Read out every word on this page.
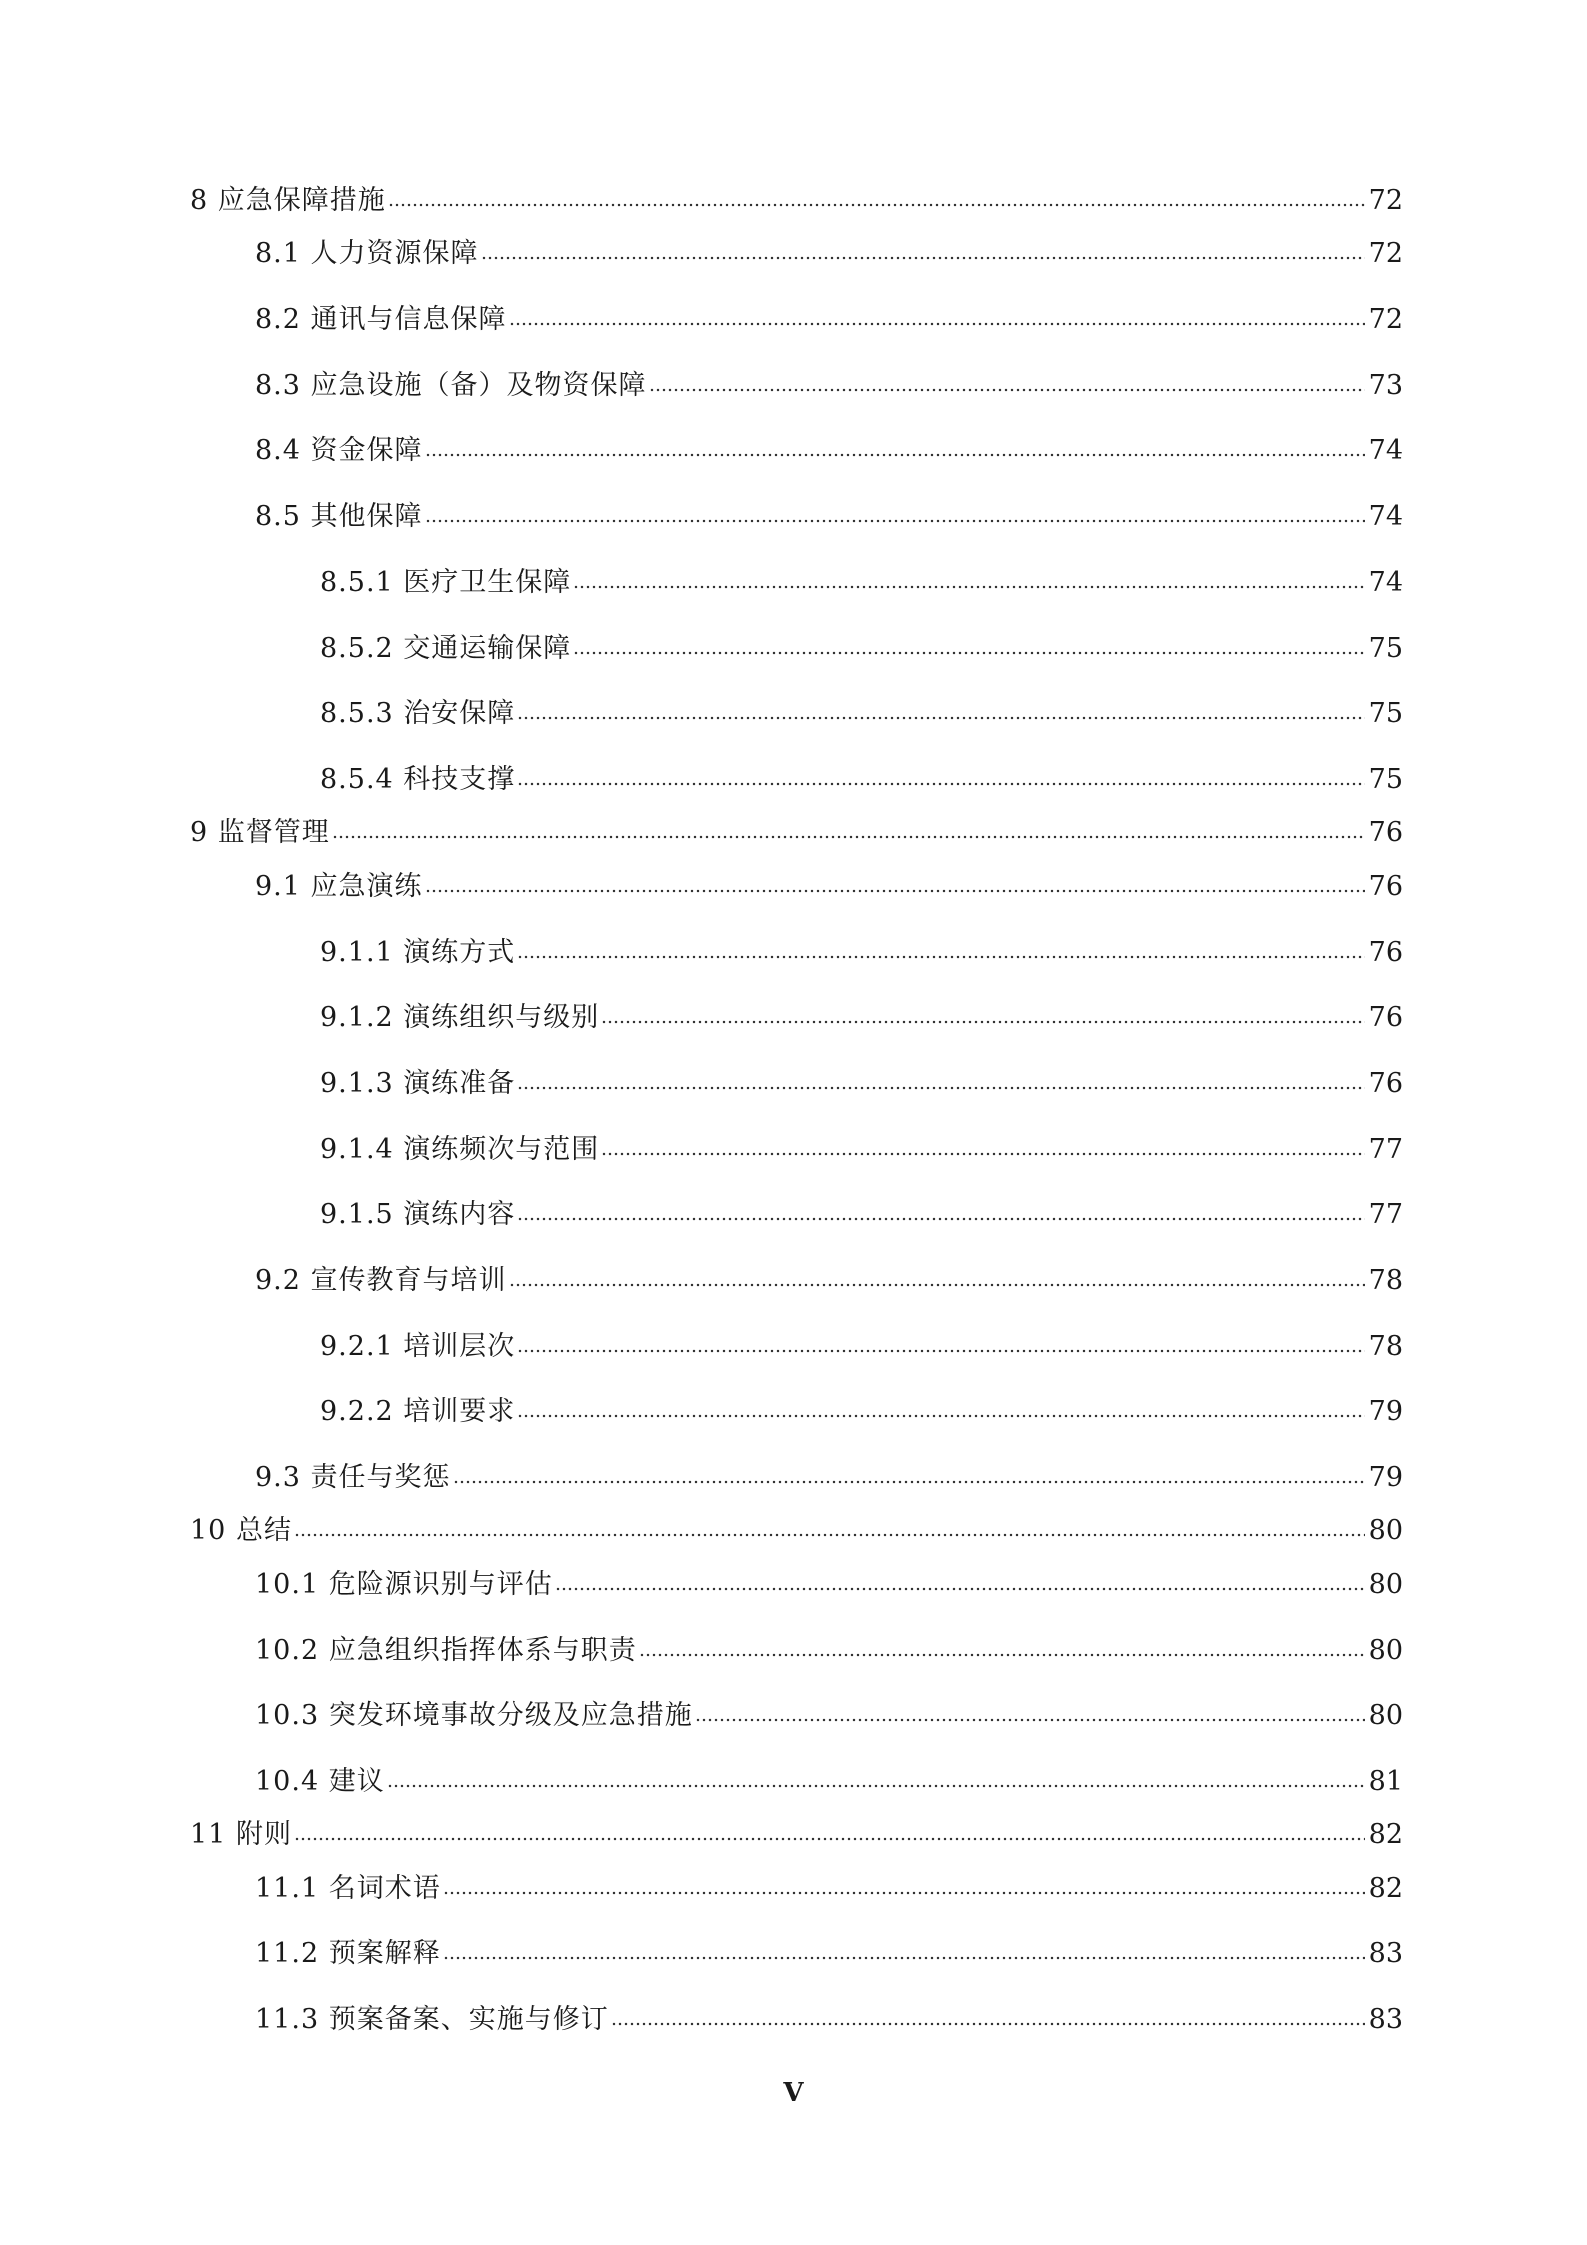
8 应急保障措施	72
8.1 人力资源保障	72
8.2 通讯与信息保障	72
8.3 应急设施（备）及物资保障	73
8.4 资金保障	74
8.5 其他保障	74
8.5.1 医疗卫生保障	74
8.5.2 交通运输保障	75
8.5.3 治安保障	75
8.5.4 科技支撑	75
9 监督管理	76
9.1 应急演练	76
9.1.1 演练方式	76
9.1.2 演练组织与级别	76
9.1.3 演练准备	76
9.1.4 演练频次与范围	77
9.1.5 演练内容	77
9.2 宣传教育与培训	78
9.2.1 培训层次	78
9.2.2 培训要求	79
9.3 责任与奖惩	79
10 总结	80
10.1 危险源识别与评估	80
10.2 应急组织指挥体系与职责	80
10.3 突发环境事故分级及应急措施	80
10.4 建议	81
11 附则	82
11.1 名词术语	82
11.2 预案解释	83
11.3 预案备案、实施与修订	83
V
